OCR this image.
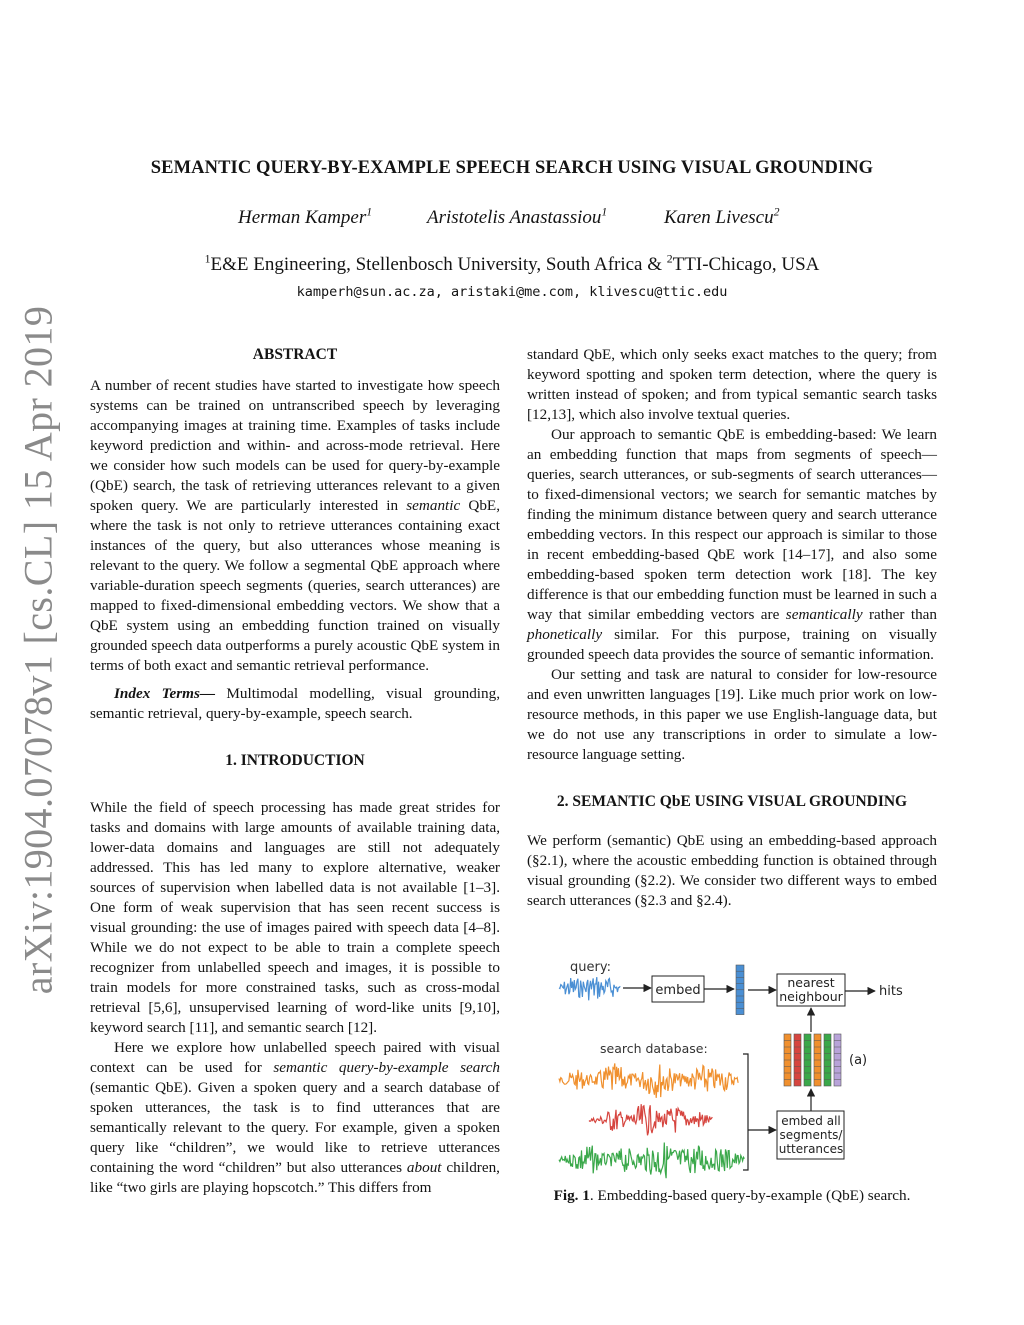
arXiv:1904.07078v1 [cs.CL] 15 Apr 2019
SEMANTIC QUERY-BY-EXAMPLE SPEECH SEARCH USING VISUAL GROUNDING
Herman Kamper$^1$	Aristotelis Anastassiou$^1$	Karen Livescu$^2$
$^1$E&E Engineering, Stellenbosch University, South Africa & $^2$TTI-Chicago, USA
kamperh@sun.ac.za, aristaki@me.com, klivescu@ttic.edu

ABSTRACT

A number of recent studies have started to investigate how speech systems can be trained on untranscribed speech by leveraging accompanying images at training time. Examples of tasks include keyword prediction and within- and across-mode retrieval. Here we consider how such models can be used for query-by-example (QbE) search, the task of retrieving utterances relevant to a given spoken query. We are particularly interested in semantic QbE, where the task is not only to retrieve utterances containing exact instances of the query, but also utterances whose meaning is relevant to the query. We follow a segmental QbE approach where variable-duration speech segments (queries, search utterances) are mapped to fixed-dimensional embedding vectors. We show that a QbE system using an embedding function trained on visually grounded speech data outperforms a purely acoustic QbE system in terms of both exact and semantic retrieval performance.

Index Terms— Multimodal modelling, visual grounding, semantic retrieval, query-by-example, speech search.

1. INTRODUCTION

While the field of speech processing has made great strides for tasks and domains with large amounts of available training data, lower-data domains and languages are still not adequately addressed. This has led many to explore alternative, weaker sources of supervision when labelled data is not available [1–3]. One form of weak supervision that has seen recent success is visual grounding: the use of images paired with speech data [4–8]. While we do not expect to be able to train a complete speech recognizer from unlabelled speech and images, it is possible to train models for more constrained tasks, such as cross-modal retrieval [5,6], unsupervised learning of word-like units [9,10], keyword search [11], and semantic search [12].

Here we explore how unlabelled speech paired with visual context can be used for semantic query-by-example search (semantic QbE). Given a spoken query and a search database of spoken utterances, the task is to find utterances that are semantically relevant to the query. For example, given a spoken query like “children”, we would like to retrieve utterances containing the word “children” but also utterances about children, like “two girls are playing hopscotch.” This differs from

standard QbE, which only seeks exact matches to the query; from keyword spotting and spoken term detection, where the query is written instead of spoken; and from typical semantic search tasks [12,13], which also involve textual queries.

Our approach to semantic QbE is embedding-based: We learn an embedding function that maps from segments of speech—queries, search utterances, or sub-segments of search utterances—to fixed-dimensional vectors; we search for semantic matches by finding the minimum distance between query and search utterance embedding vectors. In this respect our approach is similar to those in recent embedding-based QbE work [14–17], and also some embedding-based spoken term detection work [18]. The key difference is that our embedding function must be learned in such a way that similar embedding vectors are semantically rather than phonetically similar. For this purpose, training on visually grounded speech data provides the source of semantic information.

Our setting and task are natural to consider for low-resource and even unwritten languages [19]. Like much prior work on low-resource methods, in this paper we use English-language data, but we do not use any transcriptions in order to simulate a low-resource language setting.

2. SEMANTIC QbE USING VISUAL GROUNDING

We perform (semantic) QbE using an embedding-based approach (§2.1), where the acoustic embedding function is obtained through visual grounding (§2.2). We consider two different ways to embed search utterances (§2.3 and §2.4).

query:
embed
nearest
neighbour	hits
search database:
embed all
segments/
utterances
(a)
Fig. 1. Embedding-based query-by-example (QbE) search.
